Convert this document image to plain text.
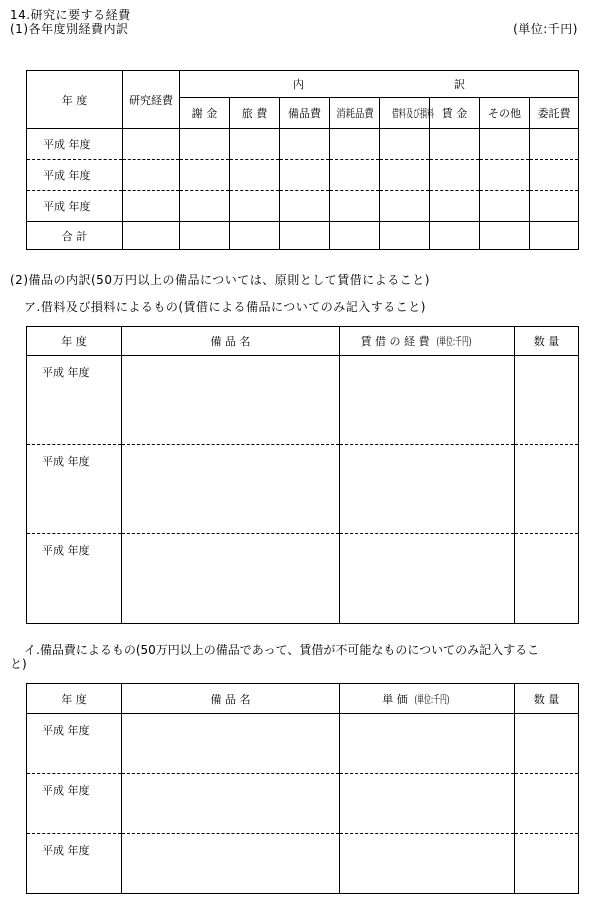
14.研究に要する経費
(1)各年度別経費内訳	(単位:千円)
年 度	研究経費	内 訳							

		謝 金	旅 費	備品費	消耗品費	借料及び損料	賃 金	その他	委託費
平成 年度									
平成 年度									
平成 年度									
合 計									
(2)備品の内訳(50万円以上の備品については、原則として賃借によること)
ア.借料及び損料によるもの(賃借による備品についてのみ記入すること)
年 度	備 品 名	賃 借 の 経 費 (単位:千円)	数 量
平成 年度			
平成 年度			
平成 年度			
イ.備品費によるもの(50万円以上の備品であって、賃借が不可能なものについてのみ記入するこ
と)
年 度	備 品 名	単 価 (単位:千円)	数 量
平成 年度			
平成 年度			
平成 年度			
